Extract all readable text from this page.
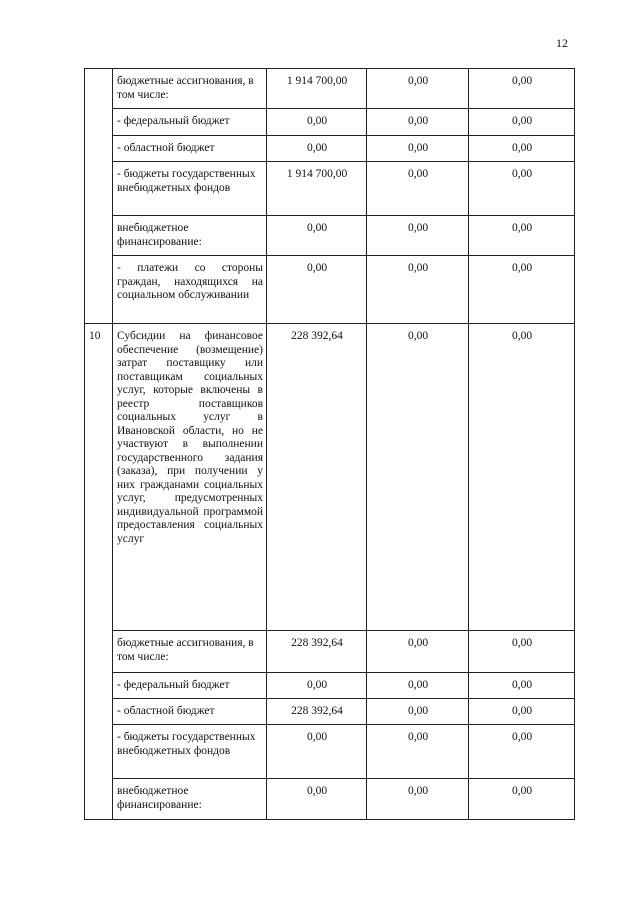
12
	бюджетные ассигнования, в том числе:	1 914 700,00	0,00	0,00
	- федеральный бюджет	0,00	0,00	0,00
	- областной бюджет	0,00	0,00	0,00
	- бюджеты государственных внебюджетных фондов	1 914 700,00	0,00	0,00
	внебюджетное финансирование:	0,00	0,00	0,00
	- платежи со стороны граждан, находящихся на социальном обслуживании	0,00	0,00	0,00
10	Субсидии на финансовое обеспечение (возмещение) затрат поставщику или поставщикам социальных услуг, которые включены в реестр поставщиков социальных услуг в Ивановской области, но не участвуют в выполнении государственного задания (заказа), при получении у них гражданами социальных услуг, предусмотренных индивидуальной программой предоставления социальных услуг	228 392,64	0,00	0,00
	бюджетные ассигнования, в том числе:	228 392,64	0,00	0,00
	- федеральный бюджет	0,00	0,00	0,00
	- областной бюджет	228 392,64	0,00	0,00
	- бюджеты государственных внебюджетных фондов	0,00	0,00	0,00
	внебюджетное финансирование:	0,00	0,00	0,00
